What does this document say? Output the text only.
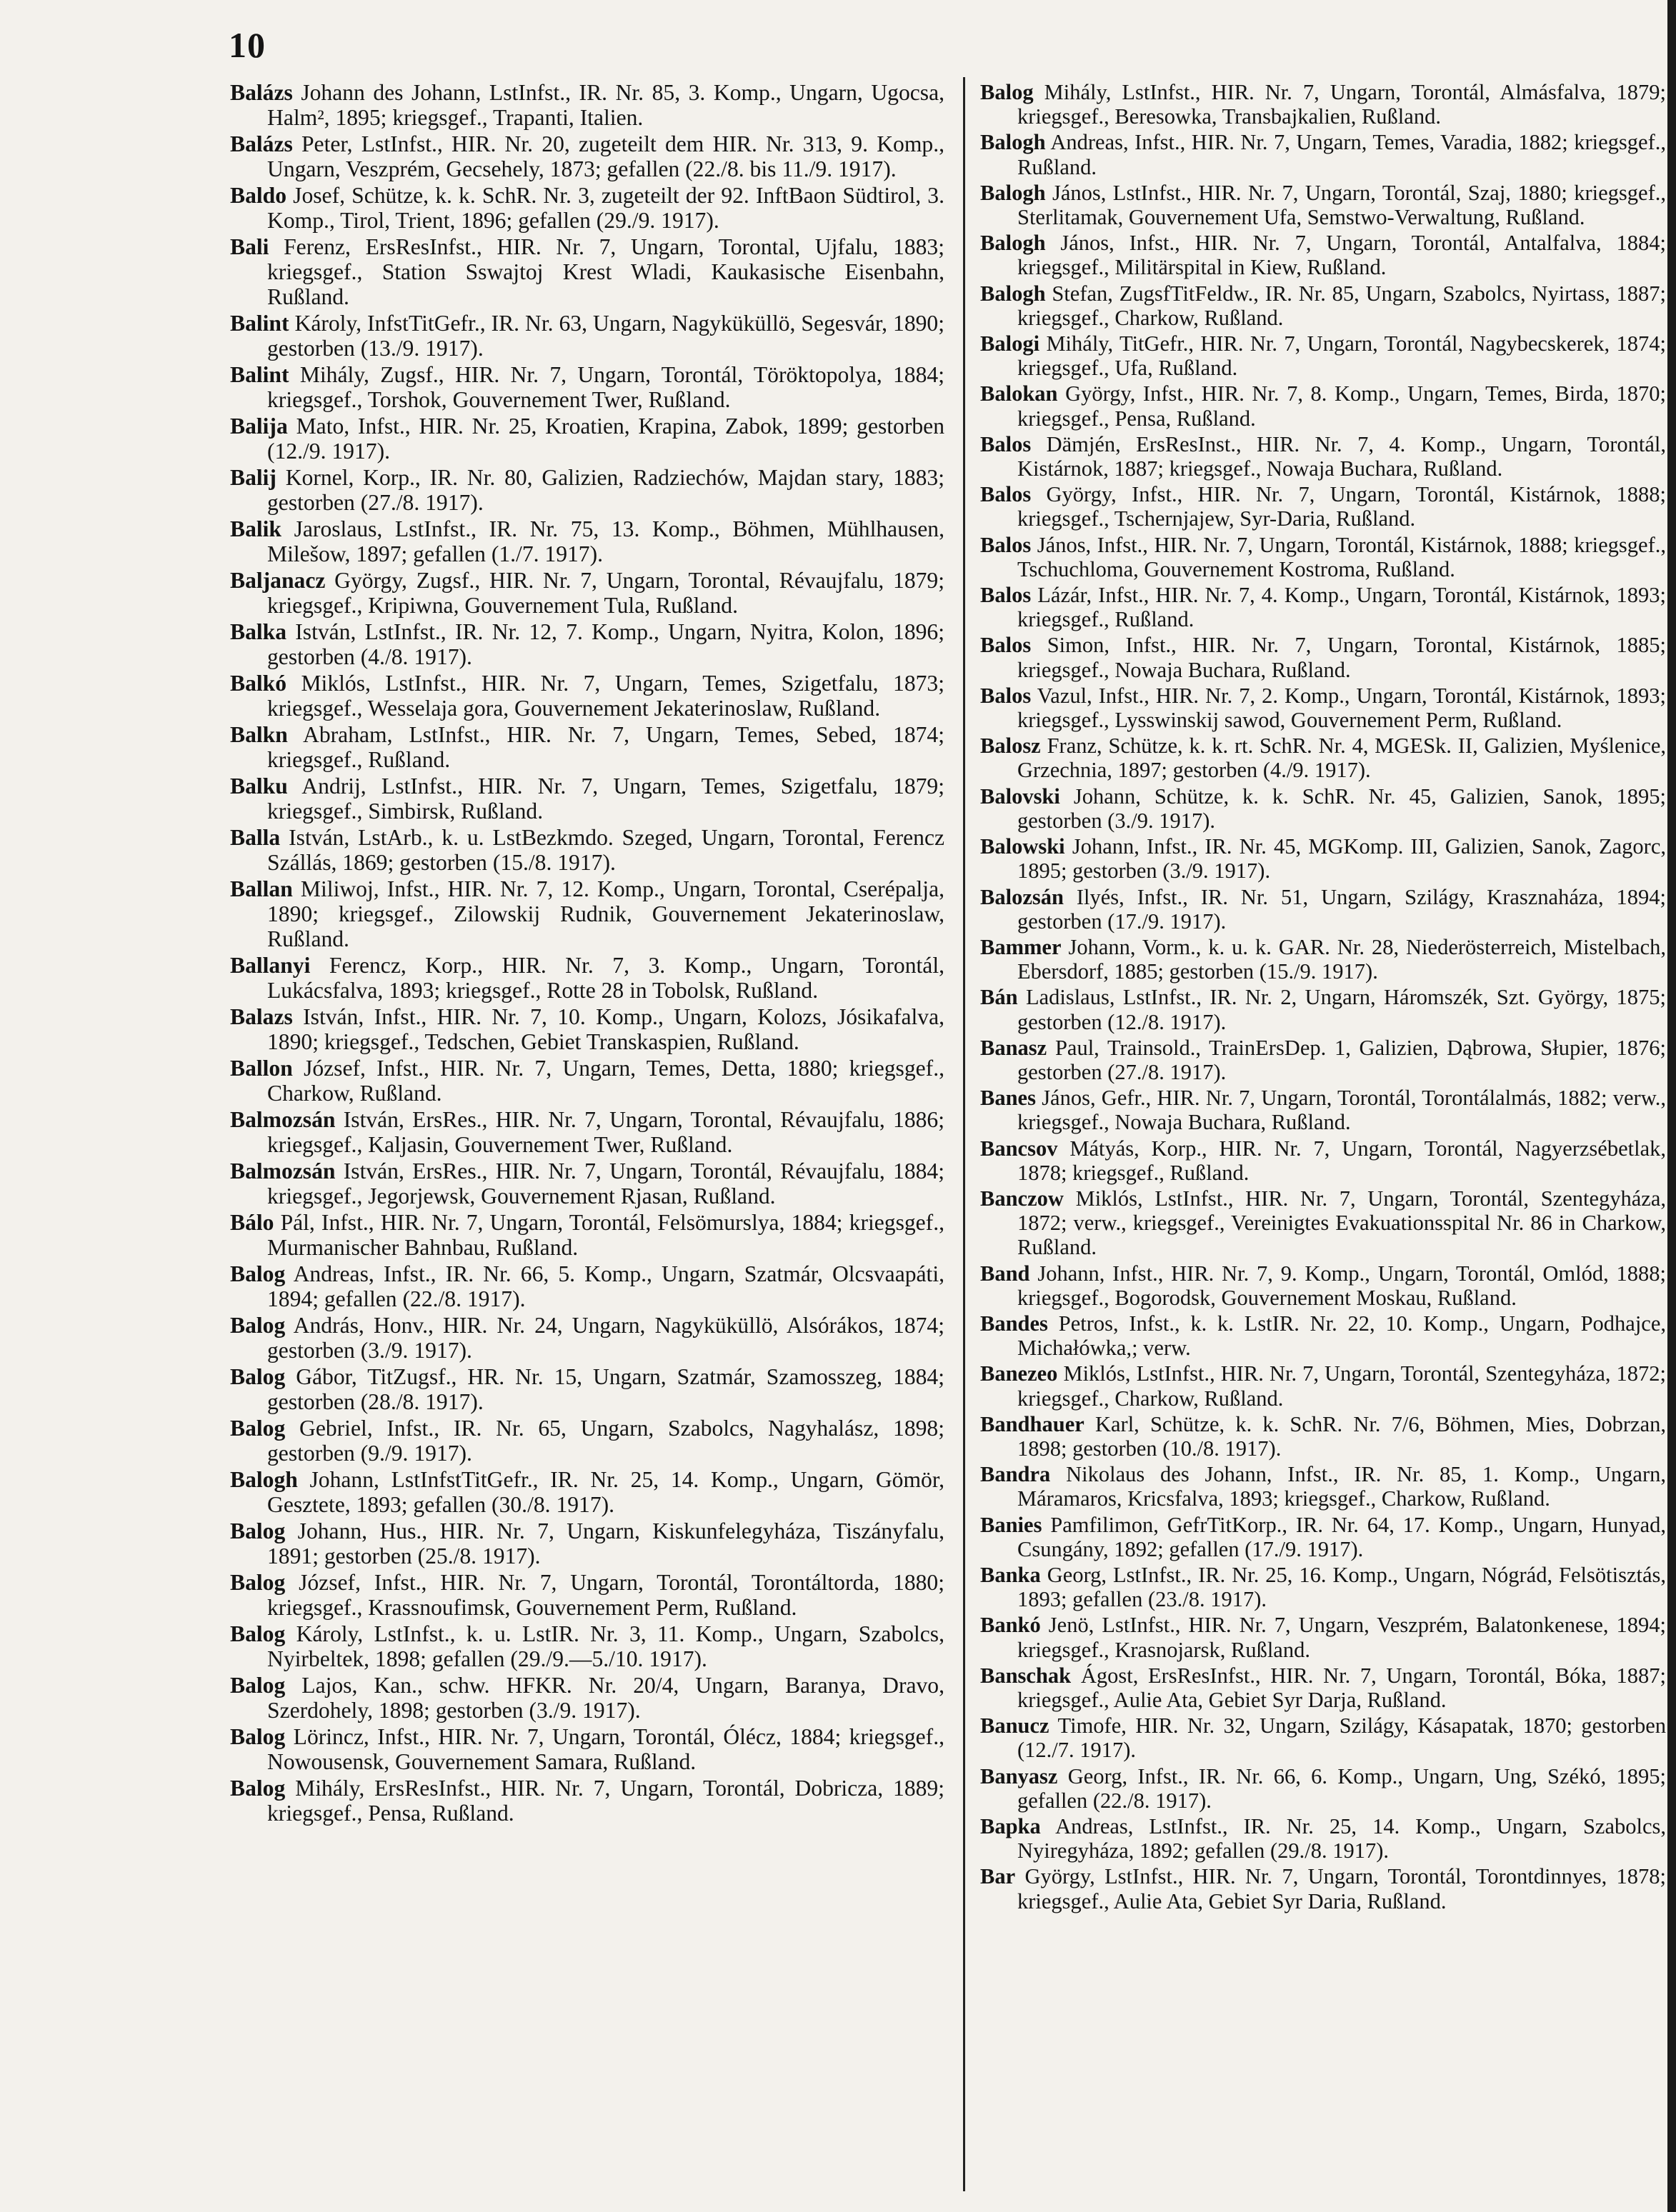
10

Balázs Johann des Johann, LstInfst., IR. Nr. 85, 3. Komp., Ungarn, Ugocsa, Halm², 1895; kriegsgef., Trapanti, Italien.

Balázs Peter, LstInfst., HIR. Nr. 20, zugeteilt dem HIR. Nr. 313, 9. Komp., Ungarn, Veszprém, Gecsehely, 1873; gefallen (22./8. bis 11./9. 1917).

Baldo Josef, Schütze, k. k. SchR. Nr. 3, zugeteilt der 92. InftBaon Südtirol, 3. Komp., Tirol, Trient, 1896; gefallen (29./9. 1917).

Bali Ferenz, ErsResInfst., HIR. Nr. 7, Ungarn, Torontal, Ujfalu, 1883; kriegsgef., Station Sswajtoj Krest Wladi, Kaukasische Eisenbahn, Rußland.

Balint Károly, InfstTitGefr., IR. Nr. 63, Ungarn, Nagyküküllö, Segesvár, 1890; gestorben (13./9. 1917).

Balint Mihály, Zugsf., HIR. Nr. 7, Ungarn, Torontál, Töröktopolya, 1884; kriegsgef., Torshok, Gouvernement Twer, Rußland.

Balija Mato, Infst., HIR. Nr. 25, Kroatien, Krapina, Zabok, 1899; gestorben (12./9. 1917).

Balij Kornel, Korp., IR. Nr. 80, Galizien, Radziechów, Majdan stary, 1883; gestorben (27./8. 1917).

Balik Jaroslaus, LstInfst., IR. Nr. 75, 13. Komp., Böhmen, Mühlhausen, Milešow, 1897; gefallen (1./7. 1917).

Baljanacz György, Zugsf., HIR. Nr. 7, Ungarn, Torontal, Révaujfalu, 1879; kriegsgef., Kripiwna, Gouvernement Tula, Rußland.

Balka István, LstInfst., IR. Nr. 12, 7. Komp., Ungarn, Nyitra, Kolon, 1896; gestorben (4./8. 1917).

Balkó Miklós, LstInfst., HIR. Nr. 7, Ungarn, Temes, Szigetfalu, 1873; kriegsgef., Wesselaja gora, Gouvernement Jekaterinoslaw, Rußland.

Balkn Abraham, LstInfst., HIR. Nr. 7, Ungarn, Temes, Sebed, 1874; kriegsgef., Rußland.

Balku Andrij, LstInfst., HIR. Nr. 7, Ungarn, Temes, Szigetfalu, 1879; kriegsgef., Simbirsk, Rußland.

Balla István, LstArb., k. u. LstBezkmdo. Szeged, Ungarn, Torontal, Ferencz Szállás, 1869; gestorben (15./8. 1917).

Ballan Miliwoj, Infst., HIR. Nr. 7, 12. Komp., Ungarn, Torontal, Cserépalja, 1890; kriegsgef., Zilowskij Rudnik, Gouvernement Jekaterinoslaw, Rußland.

Ballanyi Ferencz, Korp., HIR. Nr. 7, 3. Komp., Ungarn, Torontál, Lukácsfalva, 1893; kriegsgef., Rotte 28 in Tobolsk, Rußland.

Balazs István, Infst., HIR. Nr. 7, 10. Komp., Ungarn, Kolozs, Jósikafalva, 1890; kriegsgef., Tedschen, Gebiet Transkaspien, Rußland.

Ballon József, Infst., HIR. Nr. 7, Ungarn, Temes, Detta, 1880; kriegsgef., Charkow, Rußland.

Balmozsán István, ErsRes., HIR. Nr. 7, Ungarn, Torontal, Révaujfalu, 1886; kriegsgef., Kaljasin, Gouvernement Twer, Rußland.

Balmozsán István, ErsRes., HIR. Nr. 7, Ungarn, Torontál, Révaujfalu, 1884; kriegsgef., Jegorjewsk, Gouvernement Rjasan, Rußland.

Bálo Pál, Infst., HIR. Nr. 7, Ungarn, Torontál, Felsömurslya, 1884; kriegsgef., Murmanischer Bahnbau, Rußland.

Balog Andreas, Infst., IR. Nr. 66, 5. Komp., Ungarn, Szatmár, Olcsvaapáti, 1894; gefallen (22./8. 1917).

Balog András, Honv., HIR. Nr. 24, Ungarn, Nagyküküllö, Alsórákos, 1874; gestorben (3./9. 1917).

Balog Gábor, TitZugsf., HR. Nr. 15, Ungarn, Szatmár, Szamosszeg, 1884; gestorben (28./8. 1917).

Balog Gebriel, Infst., IR. Nr. 65, Ungarn, Szabolcs, Nagyhalász, 1898; gestorben (9./9. 1917).

Balogh Johann, LstInfstTitGefr., IR. Nr. 25, 14. Komp., Ungarn, Gömör, Gesztete, 1893; gefallen (30./8. 1917).

Balog Johann, Hus., HIR. Nr. 7, Ungarn, Kiskunfelegyháza, Tiszányfalu, 1891; gestorben (25./8. 1917).

Balog József, Infst., HIR. Nr. 7, Ungarn, Torontál, Torontáltorda, 1880; kriegsgef., Krassnoufimsk, Gouvernement Perm, Rußland.

Balog Károly, LstInfst., k. u. LstIR. Nr. 3, 11. Komp., Ungarn, Szabolcs, Nyirbeltek, 1898; gefallen (29./9.—5./10. 1917).

Balog Lajos, Kan., schw. HFKR. Nr. 20/4, Ungarn, Baranya, Dravo, Szerdohely, 1898; gestorben (3./9. 1917).

Balog Lörincz, Infst., HIR. Nr. 7, Ungarn, Torontál, Ólécz, 1884; kriegsgef., Nowousensk, Gouvernement Samara, Rußland.

Balog Mihály, ErsResInfst., HIR. Nr. 7, Ungarn, Torontál, Dobricza, 1889; kriegsgef., Pensa, Rußland.

Balog Mihály, LstInfst., HIR. Nr. 7, Ungarn, Torontál, Almásfalva, 1879; kriegsgef., Beresowka, Transbajkalien, Rußland.

Balogh Andreas, Infst., HIR. Nr. 7, Ungarn, Temes, Varadia, 1882; kriegsgef., Rußland.

Balogh János, LstInfst., HIR. Nr. 7, Ungarn, Torontál, Szaj, 1880; kriegsgef., Sterlitamak, Gouvernement Ufa, Semstwo-Verwaltung, Rußland.

Balogh János, Infst., HIR. Nr. 7, Ungarn, Torontál, Antalfalva, 1884; kriegsgef., Militärspital in Kiew, Rußland.

Balogh Stefan, ZugsfTitFeldw., IR. Nr. 85, Ungarn, Szabolcs, Nyirtass, 1887; kriegsgef., Charkow, Rußland.

Balogi Mihály, TitGefr., HIR. Nr. 7, Ungarn, Torontál, Nagybecskerek, 1874; kriegsgef., Ufa, Rußland.

Balokan György, Infst., HIR. Nr. 7, 8. Komp., Ungarn, Temes, Birda, 1870; kriegsgef., Pensa, Rußland.

Balos Dämjén, ErsResInst., HIR. Nr. 7, 4. Komp., Ungarn, Torontál, Kistárnok, 1887; kriegsgef., Nowaja Buchara, Rußland.

Balos György, Infst., HIR. Nr. 7, Ungarn, Torontál, Kistárnok, 1888; kriegsgef., Tschernjajew, Syr-Daria, Rußland.

Balos János, Infst., HIR. Nr. 7, Ungarn, Torontál, Kistárnok, 1888; kriegsgef., Tschuchloma, Gouvernement Kostroma, Rußland.

Balos Lázár, Infst., HIR. Nr. 7, 4. Komp., Ungarn, Torontál, Kistárnok, 1893; kriegsgef., Rußland.

Balos Simon, Infst., HIR. Nr. 7, Ungarn, Torontal, Kistárnok, 1885; kriegsgef., Nowaja Buchara, Rußland.

Balos Vazul, Infst., HIR. Nr. 7, 2. Komp., Ungarn, Torontál, Kistárnok, 1893; kriegsgef., Lysswinskij sawod, Gouvernement Perm, Rußland.

Balosz Franz, Schütze, k. k. rt. SchR. Nr. 4, MGESk. II, Galizien, Myślenice, Grzechnia, 1897; gestorben (4./9. 1917).

Balovski Johann, Schütze, k. k. SchR. Nr. 45, Galizien, Sanok, 1895; gestorben (3./9. 1917).

Balowski Johann, Infst., IR. Nr. 45, MGKomp. III, Galizien, Sanok, Zagorc, 1895; gestorben (3./9. 1917).

Balozsán Ilyés, Infst., IR. Nr. 51, Ungarn, Szilágy, Krasznaháza, 1894; gestorben (17./9. 1917).

Bammer Johann, Vorm., k. u. k. GAR. Nr. 28, Niederösterreich, Mistelbach, Ebersdorf, 1885; gestorben (15./9. 1917).

Bán Ladislaus, LstInfst., IR. Nr. 2, Ungarn, Háromszék, Szt. György, 1875; gestorben (12./8. 1917).

Banasz Paul, Trainsold., TrainErsDep. 1, Galizien, Dąbrowa, Słupier, 1876; gestorben (27./8. 1917).

Banes János, Gefr., HIR. Nr. 7, Ungarn, Torontál, Torontálalmás, 1882; verw., kriegsgef., Nowaja Buchara, Rußland.

Bancsov Mátyás, Korp., HIR. Nr. 7, Ungarn, Torontál, Nagyerzsébetlak, 1878; kriegsgef., Rußland.

Banczow Miklós, LstInfst., HIR. Nr. 7, Ungarn, Torontál, Szentegyháza, 1872; verw., kriegsgef., Vereinigtes Evakuationsspital Nr. 86 in Charkow, Rußland.

Band Johann, Infst., HIR. Nr. 7, 9. Komp., Ungarn, Torontál, Omlód, 1888; kriegsgef., Bogorodsk, Gouvernement Moskau, Rußland.

Bandes Petros, Infst., k. k. LstIR. Nr. 22, 10. Komp., Ungarn, Podhajce, Michałówka,; verw.

Banezeo Miklós, LstInfst., HIR. Nr. 7, Ungarn, Torontál, Szentegyháza, 1872; kriegsgef., Charkow, Rußland.

Bandhauer Karl, Schütze, k. k. SchR. Nr. 7/6, Böhmen, Mies, Dobrzan, 1898; gestorben (10./8. 1917).

Bandra Nikolaus des Johann, Infst., IR. Nr. 85, 1. Komp., Ungarn, Máramaros, Kricsfalva, 1893; kriegsgef., Charkow, Rußland.

Banies Pamfilimon, GefrTitKorp., IR. Nr. 64, 17. Komp., Ungarn, Hunyad, Csungány, 1892; gefallen (17./9. 1917).

Banka Georg, LstInfst., IR. Nr. 25, 16. Komp., Ungarn, Nógrád, Felsötisztás, 1893; gefallen (23./8. 1917).

Bankó Jenö, LstInfst., HIR. Nr. 7, Ungarn, Veszprém, Balatonkenese, 1894; kriegsgef., Krasnojarsk, Rußland.

Banschak Ágost, ErsResInfst., HIR. Nr. 7, Ungarn, Torontál, Bóka, 1887; kriegsgef., Aulie Ata, Gebiet Syr Darja, Rußland.

Banucz Timofe, HIR. Nr. 32, Ungarn, Szilágy, Kásapatak, 1870; gestorben (12./7. 1917).

Banyasz Georg, Infst., IR. Nr. 66, 6. Komp., Ungarn, Ung, Székó, 1895; gefallen (22./8. 1917).

Bapka Andreas, LstInfst., IR. Nr. 25, 14. Komp., Ungarn, Szabolcs, Nyiregyháza, 1892; gefallen (29./8. 1917).

Bar György, LstInfst., HIR. Nr. 7, Ungarn, Torontál, Torontdinnyes, 1878; kriegsgef., Aulie Ata, Gebiet Syr Daria, Rußland.
